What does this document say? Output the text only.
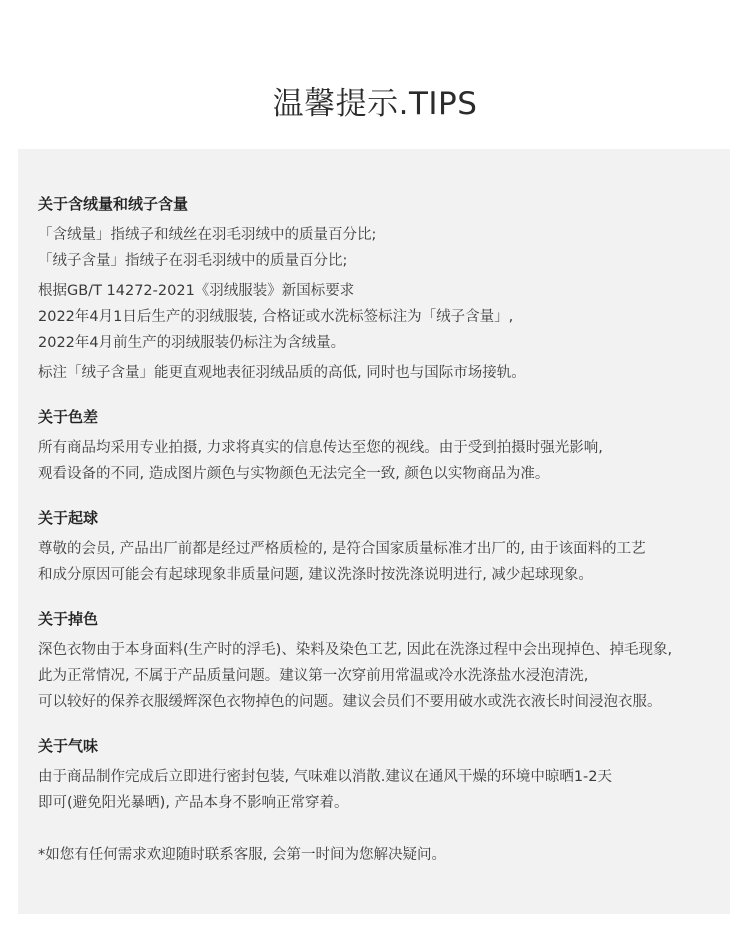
温馨提示.TIPS
关于含绒量和绒子含量
「含绒量」指绒子和绒丝在羽毛羽绒中的质量百分比;
「绒子含量」指绒子在羽毛羽绒中的质量百分比;
根据GB/T 14272-2021《羽绒服装》新国标要求
2022年4月1日后生产的羽绒服装, 合格证或水洗标签标注为「绒子含量」,
2022年4月前生产的羽绒服装仍标注为含绒量。
标注「绒子含量」能更直观地表征羽绒品质的高低, 同时也与国际市场接轨。
关于色差
所有商品均采用专业拍摄, 力求将真实的信息传达至您的视线。由于受到拍摄时强光影响,
观看设备的不同, 造成图片颜色与实物颜色无法完全一致, 颜色以实物商品为准。
关于起球
尊敬的会员, 产品出厂前都是经过严格质检的, 是符合国家质量标准才出厂的, 由于该面料的工艺
和成分原因可能会有起球现象非质量问题, 建议洗涤时按洗涤说明进行, 减少起球现象。
关于掉色
深色衣物由于本身面料(生产时的浮毛)、染料及染色工艺, 因此在洗涤过程中会出现掉色、掉毛现象,
此为正常情况, 不属于产品质量问题。建议第一次穿前用常温或冷水洗涤盐水浸泡清洗,
可以较好的保养衣服缓辉深色衣物掉色的问题。建议会员们不要用破水或洗衣液长时间浸泡衣服。
关于气味
由于商品制作完成后立即进行密封包装, 气味难以消散.建议在通风干燥的环境中晾晒1-2天
即可(避免阳光暴晒), 产品本身不影响正常穿着。
*如您有任何需求欢迎随时联系客服, 会第一时间为您解决疑问。
